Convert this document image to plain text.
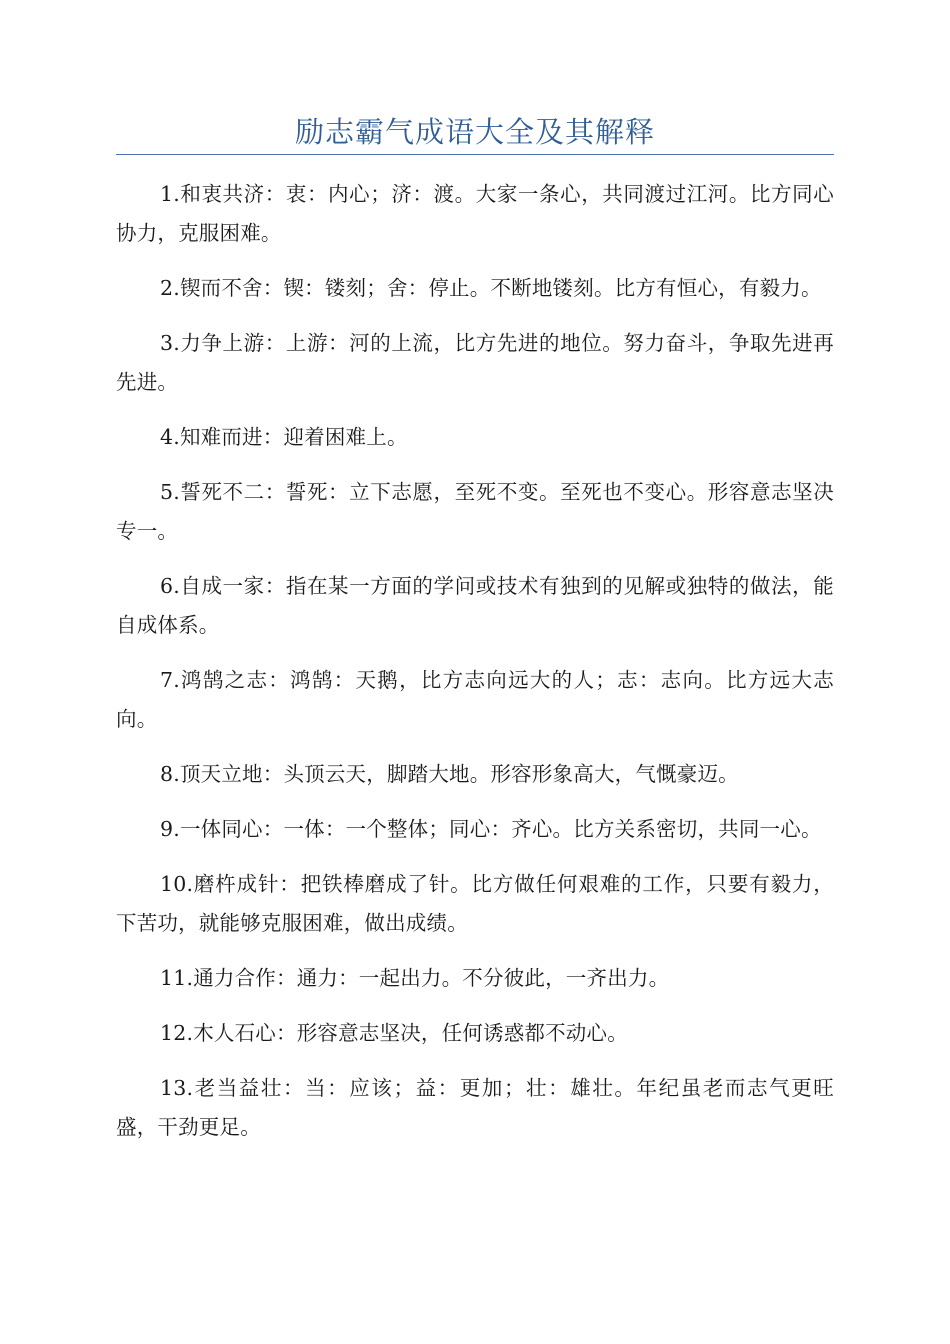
励志霸气成语大全及其解释

1.和衷共济：衷：内心；济：渡。大家一条心，共同渡过江河。比方同心协力，克服困难。

2.锲而不舍：锲：镂刻；舍：停止。不断地镂刻。比方有恒心，有毅力。

3.力争上游：上游：河的上流，比方先进的地位。努力奋斗，争取先进再先进。

4.知难而进：迎着困难上。

5.誓死不二：誓死：立下志愿，至死不变。至死也不变心。形容意志坚决专一。

6.自成一家：指在某一方面的学问或技术有独到的见解或独特的做法，能自成体系。

7.鸿鹄之志：鸿鹄：天鹅，比方志向远大的人；志：志向。比方远大志向。

8.顶天立地：头顶云天，脚踏大地。形容形象高大，气慨豪迈。

9.一体同心：一体：一个整体；同心：齐心。比方关系密切，共同一心。

10.磨杵成针：把铁棒磨成了针。比方做任何艰难的工作，只要有毅力，下苦功，就能够克服困难，做出成绩。

11.通力合作：通力：一起出力。不分彼此，一齐出力。

12.木人石心：形容意志坚决，任何诱惑都不动心。

13.老当益壮：当：应该；益：更加；壮：雄壮。年纪虽老而志气更旺盛，干劲更足。
